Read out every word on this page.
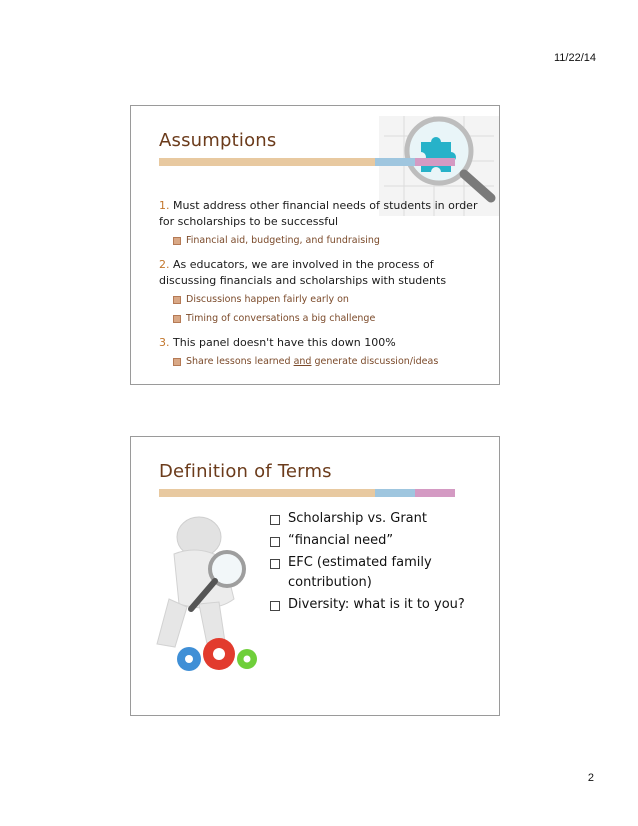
11/22/14
Assumptions
1. Must address other financial needs of students in order for scholarships to be successful
Financial aid, budgeting, and fundraising
2. As educators, we are involved in the process of discussing financials and scholarships with students
Discussions happen fairly early on
Timing of conversations a big challenge
3. This panel doesn't have this down 100%
Share lessons learned and generate discussion/ideas
Definition of Terms
Scholarship vs. Grant
“financial need”
EFC (estimated family contribution)
Diversity: what is it to you?
2
